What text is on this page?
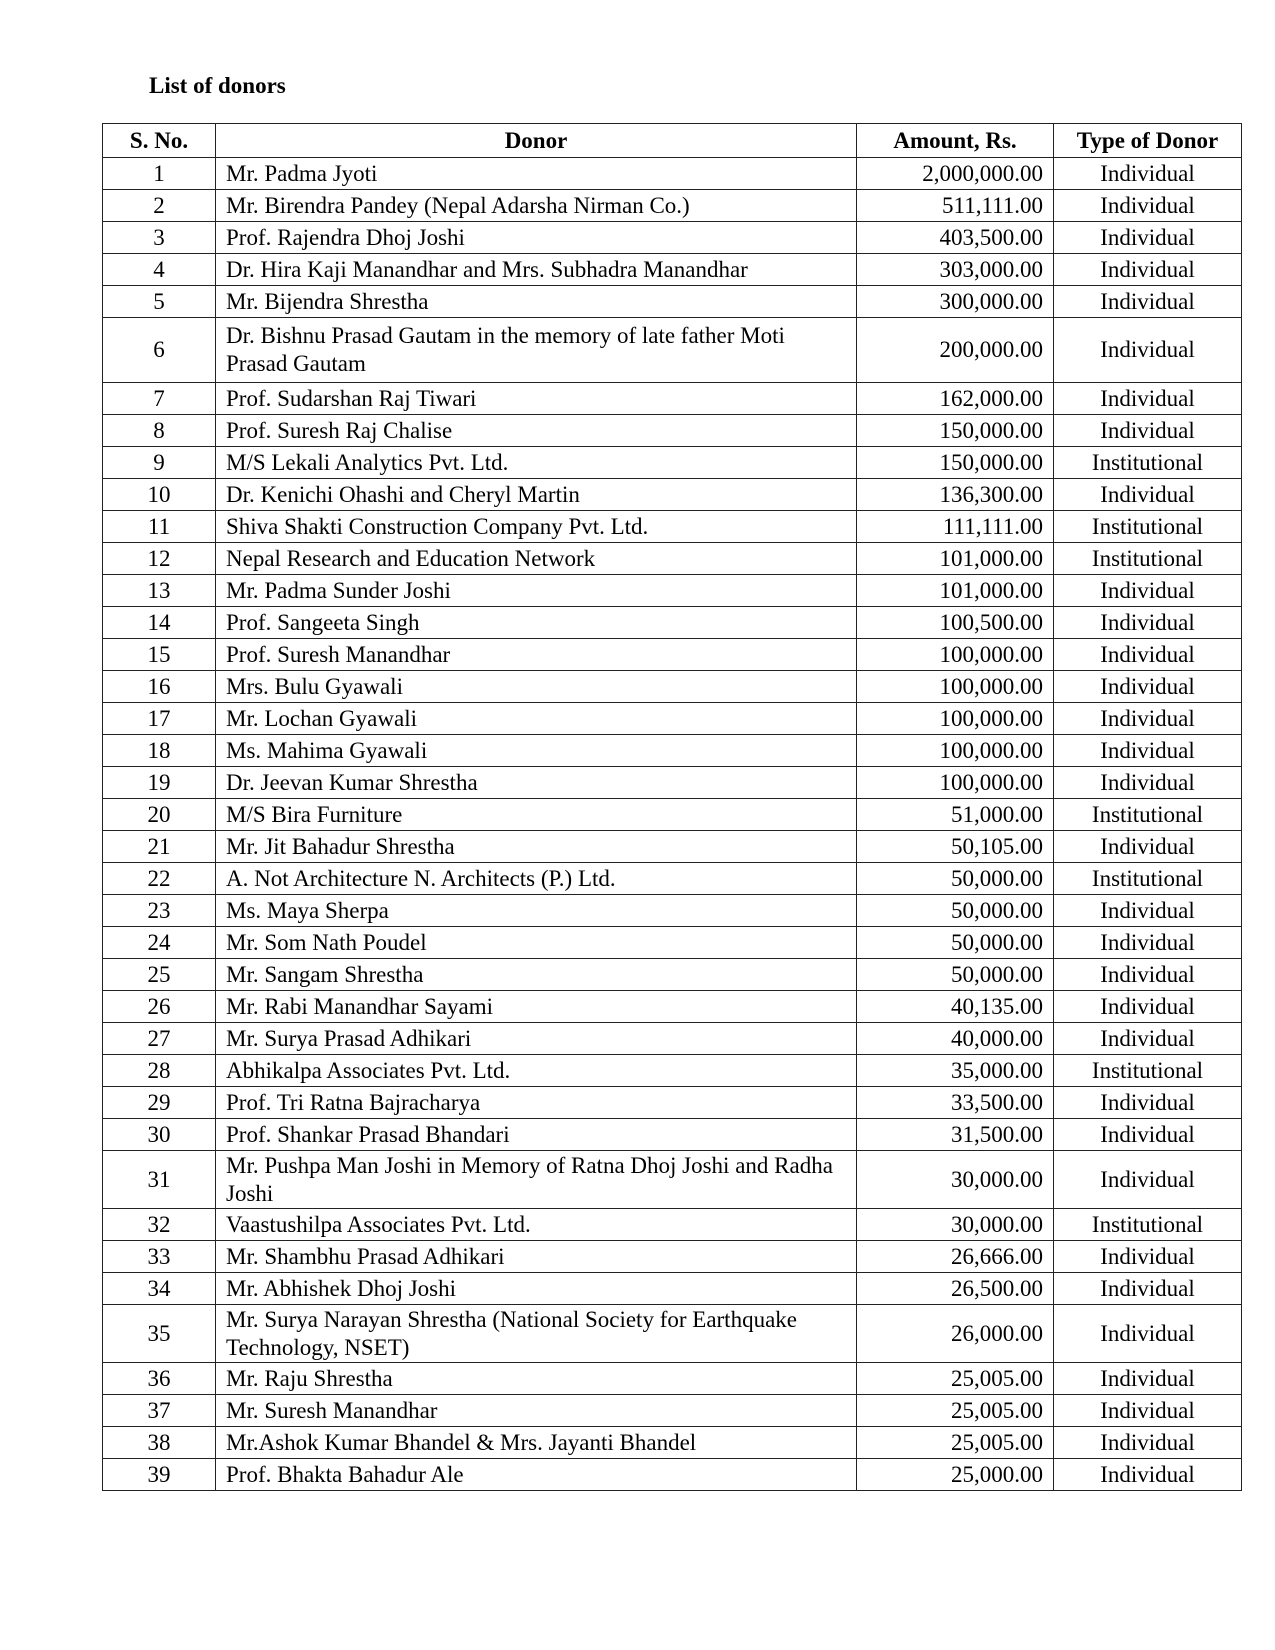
List of donors
S. No.	Donor	Amount, Rs.	Type of Donor
1	Mr. Padma Jyoti	2,000,000.00	Individual
2	Mr. Birendra Pandey (Nepal Adarsha Nirman Co.)	511,111.00	Individual
3	Prof. Rajendra Dhoj Joshi	403,500.00	Individual
4	Dr. Hira Kaji Manandhar and Mrs. Subhadra Manandhar	303,000.00	Individual
5	Mr. Bijendra Shrestha	300,000.00	Individual
6	Dr. Bishnu Prasad Gautam in the memory of late father Moti Prasad Gautam	200,000.00	Individual
7	Prof. Sudarshan Raj Tiwari	162,000.00	Individual
8	Prof. Suresh Raj Chalise	150,000.00	Individual
9	M/S Lekali Analytics Pvt. Ltd.	150,000.00	Institutional
10	Dr. Kenichi Ohashi and Cheryl Martin	136,300.00	Individual
11	Shiva Shakti Construction Company Pvt. Ltd.	111,111.00	Institutional
12	Nepal Research and Education Network	101,000.00	Institutional
13	Mr. Padma Sunder Joshi	101,000.00	Individual
14	Prof. Sangeeta Singh	100,500.00	Individual
15	Prof. Suresh Manandhar	100,000.00	Individual
16	Mrs. Bulu Gyawali	100,000.00	Individual
17	Mr. Lochan Gyawali	100,000.00	Individual
18	Ms. Mahima Gyawali	100,000.00	Individual
19	Dr. Jeevan Kumar Shrestha	100,000.00	Individual
20	M/S Bira Furniture	51,000.00	Institutional
21	Mr. Jit Bahadur Shrestha	50,105.00	Individual
22	A. Not Architecture N. Architects (P.) Ltd.	50,000.00	Institutional
23	Ms. Maya Sherpa	50,000.00	Individual
24	Mr. Som Nath Poudel	50,000.00	Individual
25	Mr. Sangam Shrestha	50,000.00	Individual
26	Mr. Rabi Manandhar Sayami	40,135.00	Individual
27	Mr. Surya Prasad Adhikari	40,000.00	Individual
28	Abhikalpa Associates Pvt. Ltd.	35,000.00	Institutional
29	Prof. Tri Ratna Bajracharya	33,500.00	Individual
30	Prof. Shankar Prasad Bhandari	31,500.00	Individual
31	Mr. Pushpa Man Joshi in Memory of Ratna Dhoj Joshi and Radha Joshi	30,000.00	Individual
32	Vaastushilpa Associates Pvt. Ltd.	30,000.00	Institutional
33	Mr. Shambhu Prasad Adhikari	26,666.00	Individual
34	Mr. Abhishek Dhoj Joshi	26,500.00	Individual
35	Mr. Surya Narayan Shrestha (National Society for Earthquake Technology, NSET)	26,000.00	Individual
36	Mr. Raju Shrestha	25,005.00	Individual
37	Mr. Suresh Manandhar	25,005.00	Individual
38	Mr.Ashok Kumar Bhandel & Mrs. Jayanti Bhandel	25,005.00	Individual
39	Prof. Bhakta Bahadur Ale	25,000.00	Individual
